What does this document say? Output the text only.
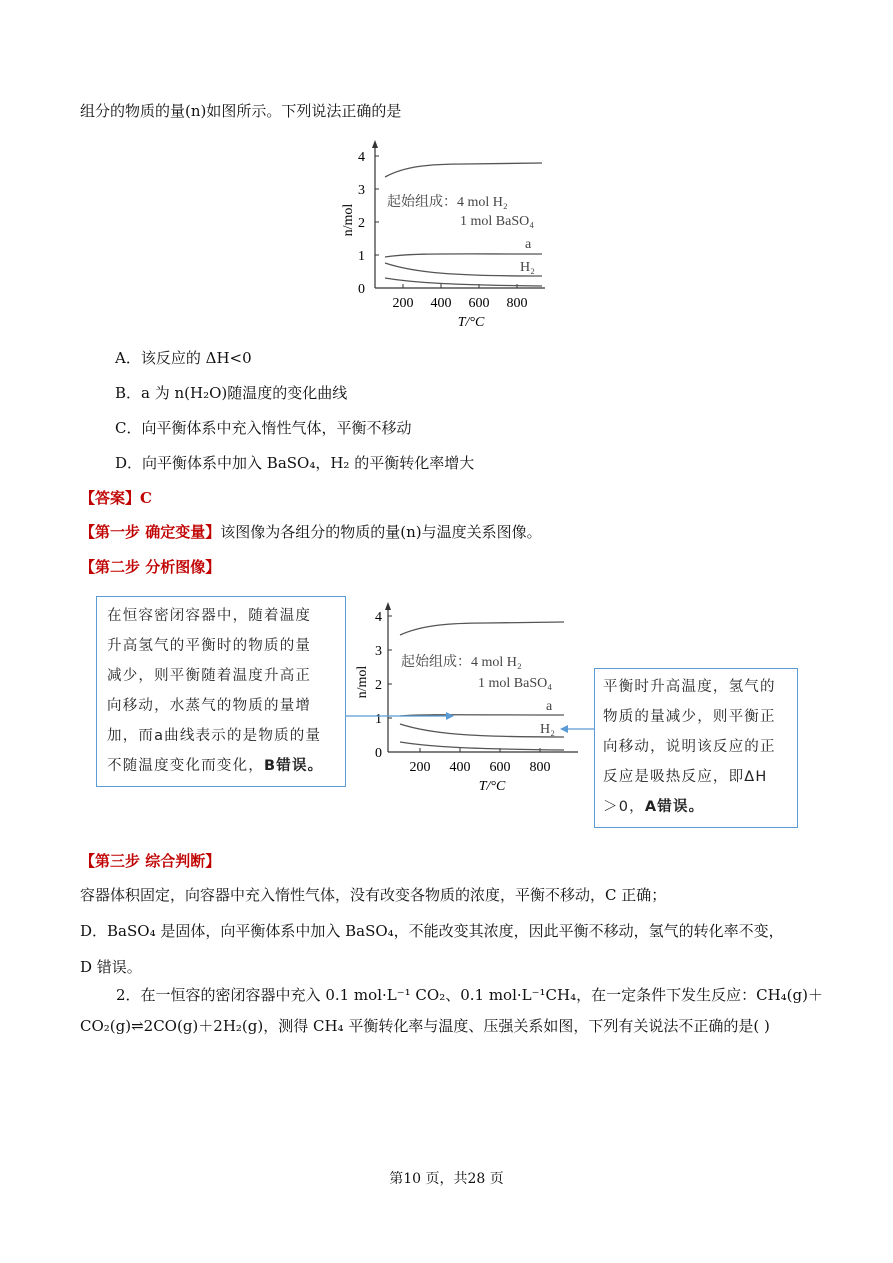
组分的物质的量(n)如图所示。下列说法正确的是
0
1
2
3
4
200 400 600 800
n/mol
T/°C
起始组成：4 mol H₂
1 mol BaSO₄
a
H₂
A．该反应的 ΔH<0
B．a 为 n(H₂O)随温度的变化曲线
C．向平衡体系中充入惰性气体，平衡不移动
D．向平衡体系中加入 BaSO₄，H₂ 的平衡转化率增大
【答案】C
【第一步 确定变量】该图像为各组分的物质的量(n)与温度关系图像。
【第二步 分析图像】
在恒容密闭容器中，随着温度
升高氢气的平衡时的物质的量
减少，则平衡随着温度升高正
向移动，水蒸气的物质的量增
加，而a曲线表示的是物质的量
不随温度变化而变化，B错误。
0
1
2
3
4
200 400 600 800
n/mol
T/°C
起始组成：4 mol H₂
1 mol BaSO₄
a
H₂
平衡时升高温度，氢气的
物质的量减少，则平衡正
向移动，说明该反应的正
反应是吸热反应，即ΔH
＞0，A错误。
【第三步 综合判断】
容器体积固定，向容器中充入惰性气体，没有改变各物质的浓度，平衡不移动，C 正确；
D．BaSO₄ 是固体，向平衡体系中加入 BaSO₄，不能改变其浓度，因此平衡不移动，氢气的转化率不变，
D 错误。
2．在一恒容的密闭容器中充入 0.1 mol·L⁻¹ CO₂、0.1 mol·L⁻¹CH₄，在一定条件下发生反应：CH₄(g)＋
CO₂(g)⇌2CO(g)＋2H₂(g)，测得 CH₄ 平衡转化率与温度、压强关系如图，下列有关说法不正确的是( )
第10 页，共28 页
